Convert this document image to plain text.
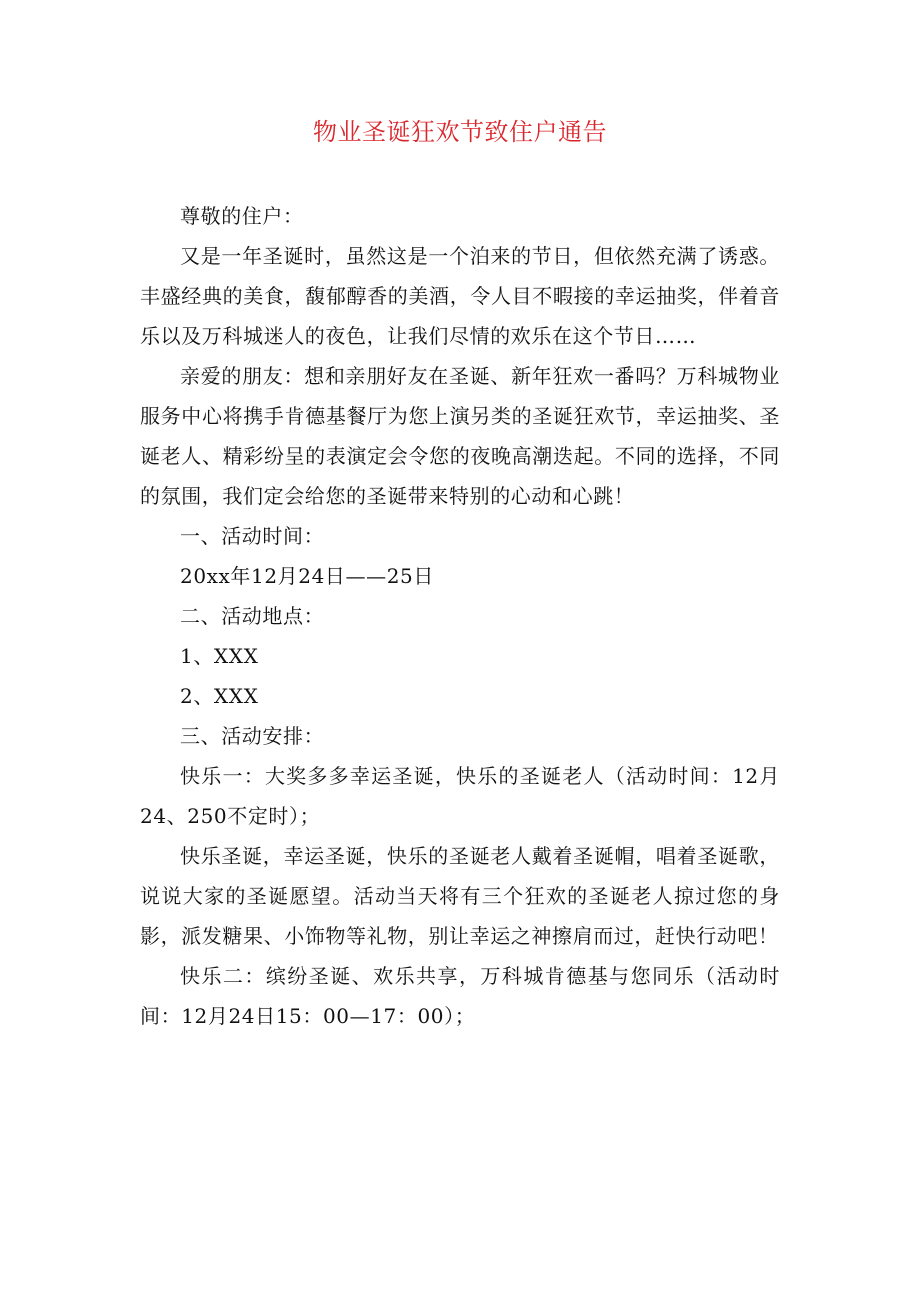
物业圣诞狂欢节致住户通告

尊敬的住户：

又是一年圣诞时，虽然这是一个泊来的节日，但依然充满了诱惑。丰盛经典的美食，馥郁醇香的美酒，令人目不暇接的幸运抽奖，伴着音乐以及万科城迷人的夜色，让我们尽情的欢乐在这个节日……

亲爱的朋友：想和亲朋好友在圣诞、新年狂欢一番吗？万科城物业服务中心将携手肯德基餐厅为您上演另类的圣诞狂欢节，幸运抽奖、圣诞老人、精彩纷呈的表演定会令您的夜晚高潮迭起。不同的选择，不同的氛围，我们定会给您的圣诞带来特别的心动和心跳！

一、活动时间：

20xx年12月24日——25日

二、活动地点：

1、XXX

2、XXX

三、活动安排：

快乐一：大奖多多幸运圣诞，快乐的圣诞老人（活动时间：12月24、250不定时）；

快乐圣诞，幸运圣诞，快乐的圣诞老人戴着圣诞帽，唱着圣诞歌，说说大家的圣诞愿望。活动当天将有三个狂欢的圣诞老人掠过您的身影，派发糖果、小饰物等礼物，别让幸运之神擦肩而过，赶快行动吧！

快乐二：缤纷圣诞、欢乐共享，万科城肯德基与您同乐（活动时间：12月24日15：00—17：00）；
